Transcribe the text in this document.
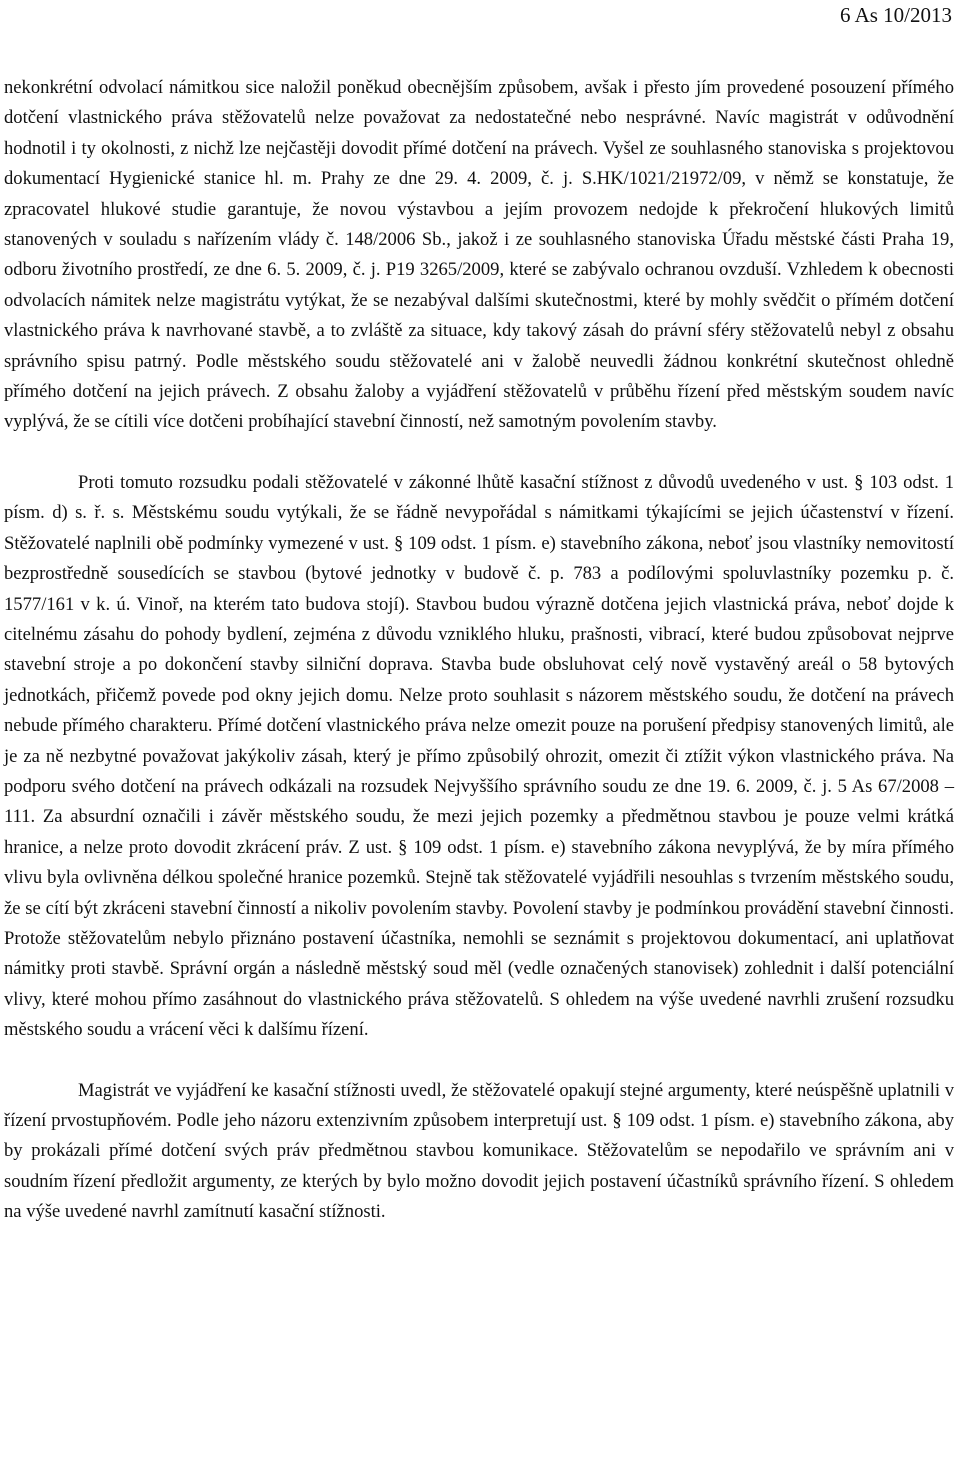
6 As 10/2013

nekonkrétní odvolací námitkou sice naložil poněkud obecnějším způsobem, avšak i přesto jím provedené posouzení přímého dotčení vlastnického práva stěžovatelů nelze považovat za nedostatečné nebo nesprávné. Navíc magistrát v odůvodnění hodnotil i ty okolnosti, z nichž lze nejčastěji dovodit přímé dotčení na právech. Vyšel ze souhlasného stanoviska s projektovou dokumentací Hygienické stanice hl. m. Prahy ze dne 29. 4. 2009, č. j. S.HK/1021/21972/09, v němž se konstatuje, že zpracovatel hlukové studie garantuje, že novou výstavbou a jejím provozem nedojde k překročení hlukových limitů stanovených v souladu s nařízením vlády č. 148/2006 Sb., jakož i ze souhlasného stanoviska Úřadu městské části Praha 19, odboru životního prostředí, ze dne 6. 5. 2009, č. j. P19 3265/2009, které se zabývalo ochranou ovzduší. Vzhledem k obecnosti odvolacích námitek nelze magistrátu vytýkat, že se nezabýval dalšími skutečnostmi, které by mohly svědčit o přímém dotčení vlastnického práva k navrhované stavbě, a to zvláště za situace, kdy takový zásah do právní sféry stěžovatelů nebyl z obsahu správního spisu patrný. Podle městského soudu stěžovatelé ani v žalobě neuvedli žádnou konkrétní skutečnost ohledně přímého dotčení na jejich právech. Z obsahu žaloby a vyjádření stěžovatelů v průběhu řízení před městským soudem navíc vyplývá, že se cítili více dotčeni probíhající stavební činností, než samotným povolením stavby.

Proti tomuto rozsudku podali stěžovatelé v zákonné lhůtě kasační stížnost z důvodů uvedeného v ust. § 103 odst. 1 písm. d) s. ř. s. Městskému soudu vytýkali, že se řádně nevypořádal s námitkami týkajícími se jejich účastenství v řízení. Stěžovatelé naplnili obě podmínky vymezené v ust. § 109 odst. 1 písm. e) stavebního zákona, neboť jsou vlastníky nemovitostí bezprostředně sousedících se stavbou (bytové jednotky v budově č. p. 783 a podílovými spoluvlastníky pozemku p. č. 1577/161 v k. ú. Vinoř, na kterém tato budova stojí). Stavbou budou výrazně dotčena jejich vlastnická práva, neboť dojde k citelnému zásahu do pohody bydlení, zejména z důvodu vzniklého hluku, prašnosti, vibrací, které budou způsobovat nejprve stavební stroje a po dokončení stavby silniční doprava. Stavba bude obsluhovat celý nově vystavěný areál o 58 bytových jednotkách, přičemž povede pod okny jejich domu. Nelze proto souhlasit s názorem městského soudu, že dotčení na právech nebude přímého charakteru. Přímé dotčení vlastnického práva nelze omezit pouze na porušení předpisy stanovených limitů, ale je za ně nezbytné považovat jakýkoliv zásah, který je přímo způsobilý ohrozit, omezit či ztížit výkon vlastnického práva. Na podporu svého dotčení na právech odkázali na rozsudek Nejvyššího správního soudu ze dne 19. 6. 2009, č. j. 5 As 67/2008 – 111. Za absurdní označili i závěr městského soudu, že mezi jejich pozemky a předmětnou stavbou je pouze velmi krátká hranice, a nelze proto dovodit zkrácení práv. Z ust. § 109 odst. 1 písm. e) stavebního zákona nevyplývá, že by míra přímého vlivu byla ovlivněna délkou společné hranice pozemků. Stejně tak stěžovatelé vyjádřili nesouhlas s tvrzením městského soudu, že se cítí být zkráceni stavební činností a nikoliv povolením stavby. Povolení stavby je podmínkou provádění stavební činnosti. Protože stěžovatelům nebylo přiznáno postavení účastníka, nemohli se seznámit s projektovou dokumentací, ani uplatňovat námitky proti stavbě. Správní orgán a následně městský soud měl (vedle označených stanovisek) zohlednit i další potenciální vlivy, které mohou přímo zasáhnout do vlastnického práva stěžovatelů. S ohledem na výše uvedené navrhli zrušení rozsudku městského soudu a vrácení věci k dalšímu řízení.

Magistrát ve vyjádření ke kasační stížnosti uvedl, že stěžovatelé opakují stejné argumenty, které neúspěšně uplatnili v řízení prvostupňovém. Podle jeho názoru extenzivním způsobem interpretují ust. § 109 odst. 1 písm. e) stavebního zákona, aby by prokázali přímé dotčení svých práv předmětnou stavbou komunikace. Stěžovatelům se nepodařilo ve správním ani v soudním řízení předložit argumenty, ze kterých by bylo možno dovodit jejich postavení účastníků správního řízení. S ohledem na výše uvedené navrhl zamítnutí kasační stížnosti.
